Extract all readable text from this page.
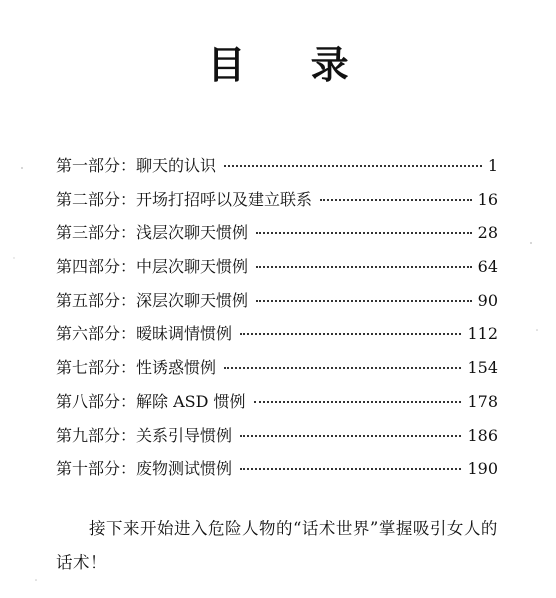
目 录
第一部分：聊天的认识	1
第二部分：开场打招呼以及建立联系	16
第三部分：浅层次聊天惯例	28
第四部分：中层次聊天惯例	64
第五部分：深层次聊天惯例	90
第六部分：暧昧调情惯例	112
第七部分：性诱惑惯例	154
第八部分：解除 ASD 惯例	178
第九部分：关系引导惯例	186
第十部分：废物测试惯例	190
接下来开始进入危险人物的“话术世界”掌握吸引女人的话术！
